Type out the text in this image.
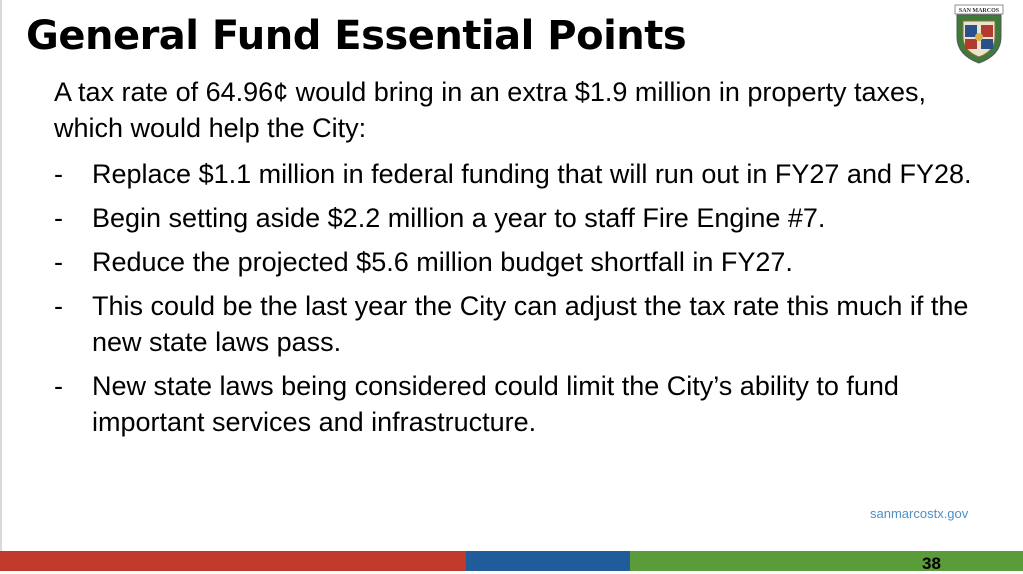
General Fund Essential Points
SAN MARCOS

A tax rate of 64.96¢ would bring in an extra $1.9 million in property taxes, which would help the City:

- Replace $1.1 million in federal funding that will run out in FY27 and FY28.
- Begin setting aside $2.2 million a year to staff Fire Engine #7.
- Reduce the projected $5.6 million budget shortfall in FY27.
- This could be the last year the City can adjust the tax rate this much if the new state laws pass.
- New state laws being considered could limit the City’s ability to fund important services and infrastructure.
sanmarcostx.gov
38
